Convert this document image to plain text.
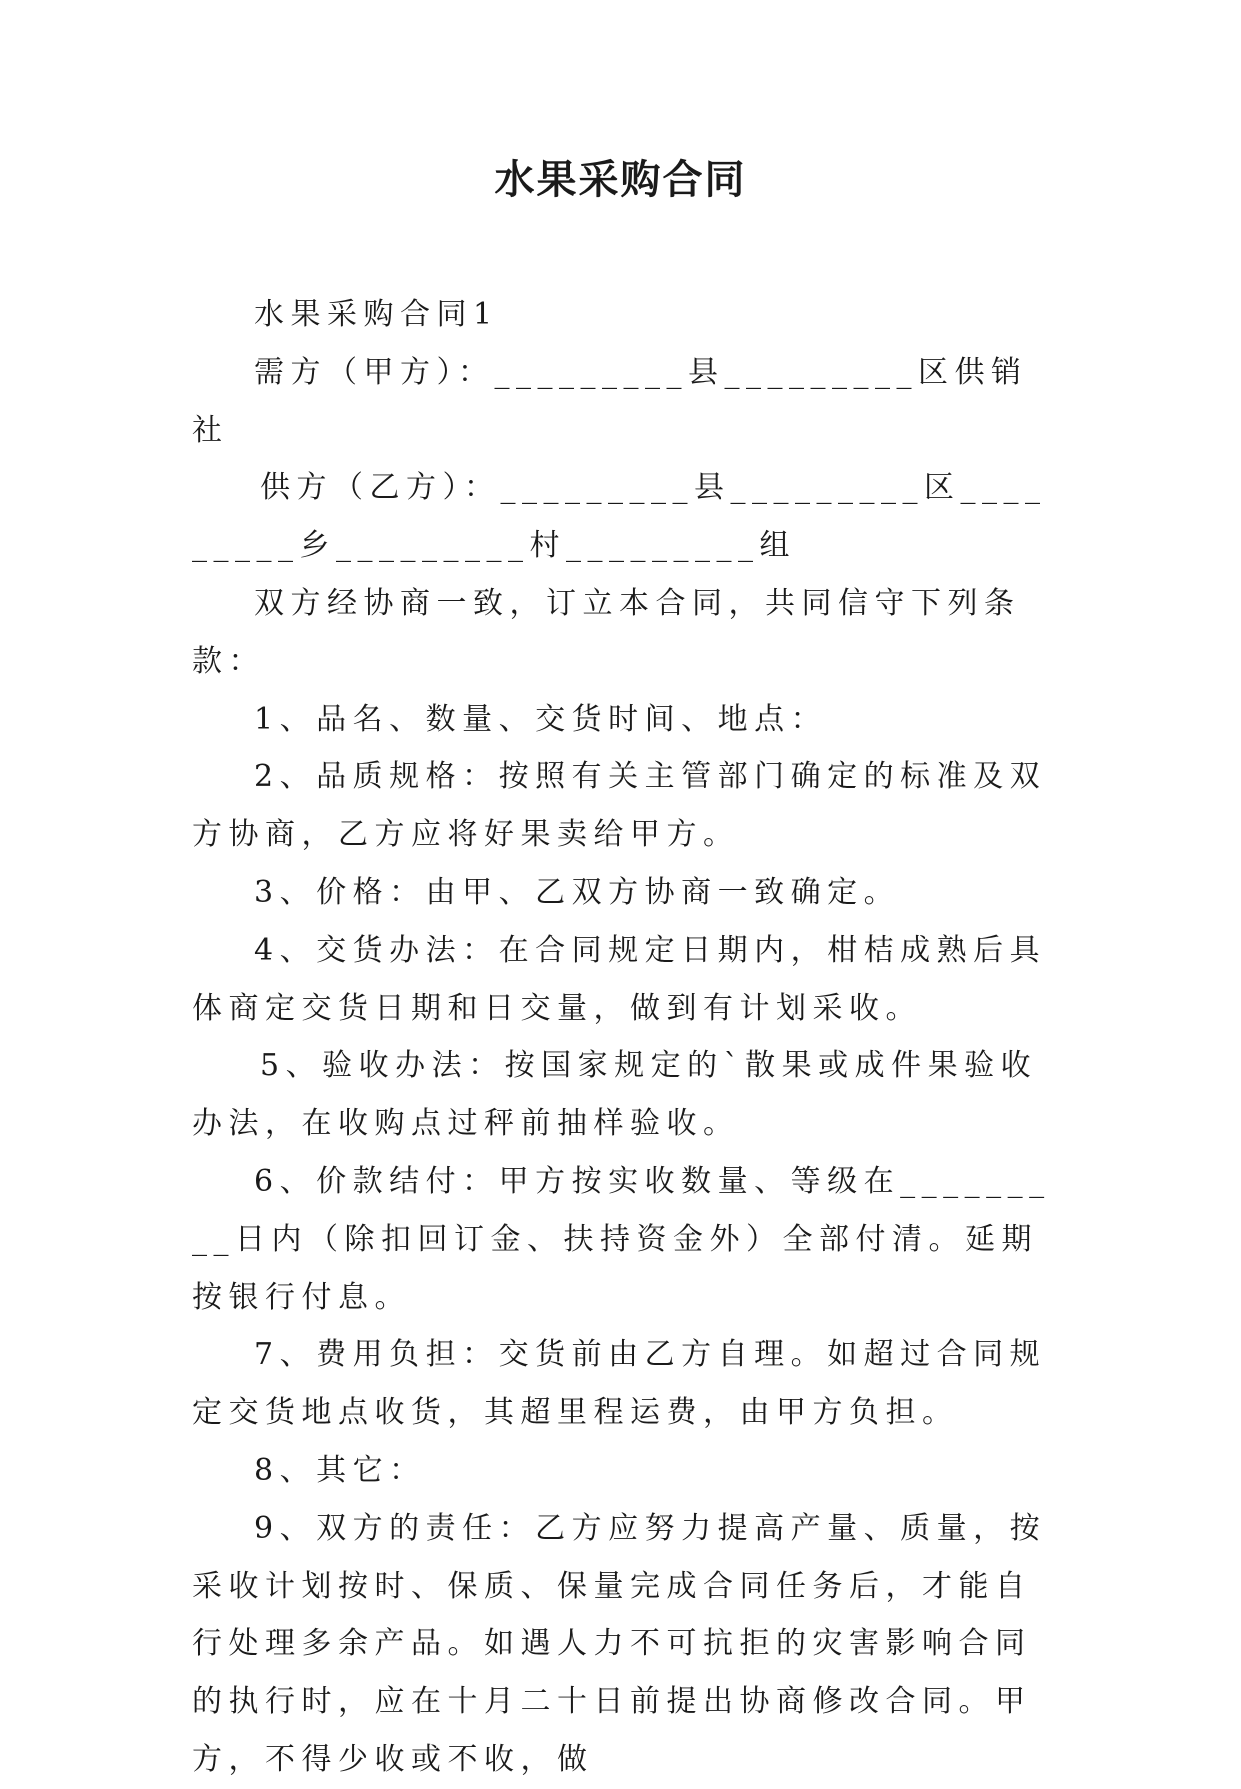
水果采购合同

水果采购合同1

需方（甲方）：_________县_________区供销社

供方（乙方）：_________县_________区_________乡_________村_________组

双方经协商一致，订立本合同，共同信守下列条款：

1、品名、数量、交货时间、地点：

2、品质规格：按照有关主管部门确定的标准及双方协商，乙方应将好果卖给甲方。

3、价格：由甲、乙双方协商一致确定。

4、交货办法：在合同规定日期内，柑桔成熟后具体商定交货日期和日交量，做到有计划采收。

5、验收办法：按国家规定的`散果或成件果验收办法，在收购点过秤前抽样验收。

6、价款结付：甲方按实收数量、等级在_________日内（除扣回订金、扶持资金外）全部付清。延期按银行付息。

7、费用负担：交货前由乙方自理。如超过合同规定交货地点收货，其超里程运费，由甲方负担。

8、其它：

9、双方的责任：乙方应努力提高产量、质量，按采收计划按时、保质、保量完成合同任务后，才能自行处理多余产品。如遇人力不可抗拒的灾害影响合同的执行时，应在十月二十日前提出协商修改合同。甲方，不得少收或不收，做
